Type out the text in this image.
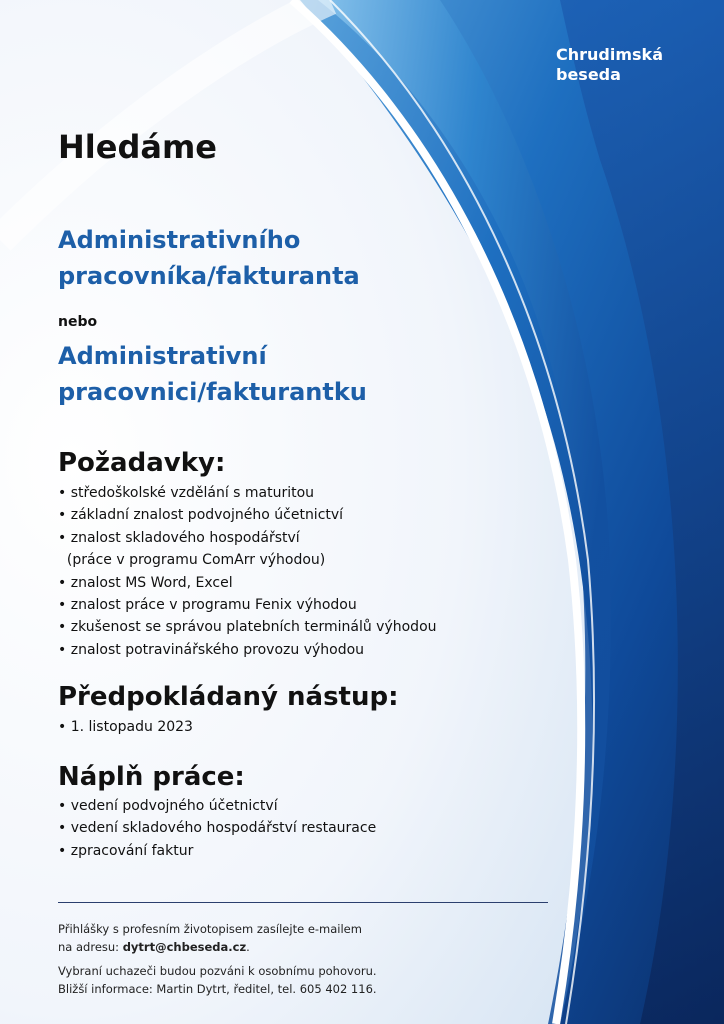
Chrudimská
beseda
Hledáme
Administrativního
pracovníka/fakturanta
nebo
Administrativní
pracovnici/fakturantku
Požadavky:
• středoškolské vzdělání s maturitou
• základní znalost podvojného účetnictví
• znalost skladového hospodářství
(práce v programu ComArr výhodou)
• znalost MS Word, Excel
• znalost práce v programu Fenix výhodou
• zkušenost se správou platebních terminálů výhodou
• znalost potravinářského provozu výhodou
Předpokládaný nástup:
• 1. listopadu 2023
Náplň práce:
• vedení podvojného účetnictví
• vedení skladového hospodářství restaurace
• zpracování faktur

Přihlášky s profesním životopisem zasílejte e-mailem
na adresu: dytrt@chbeseda.cz.

Vybraní uchazeči budou pozváni k osobnímu pohovoru.
Bližší informace: Martin Dytrt, ředitel, tel. 605 402 116.
